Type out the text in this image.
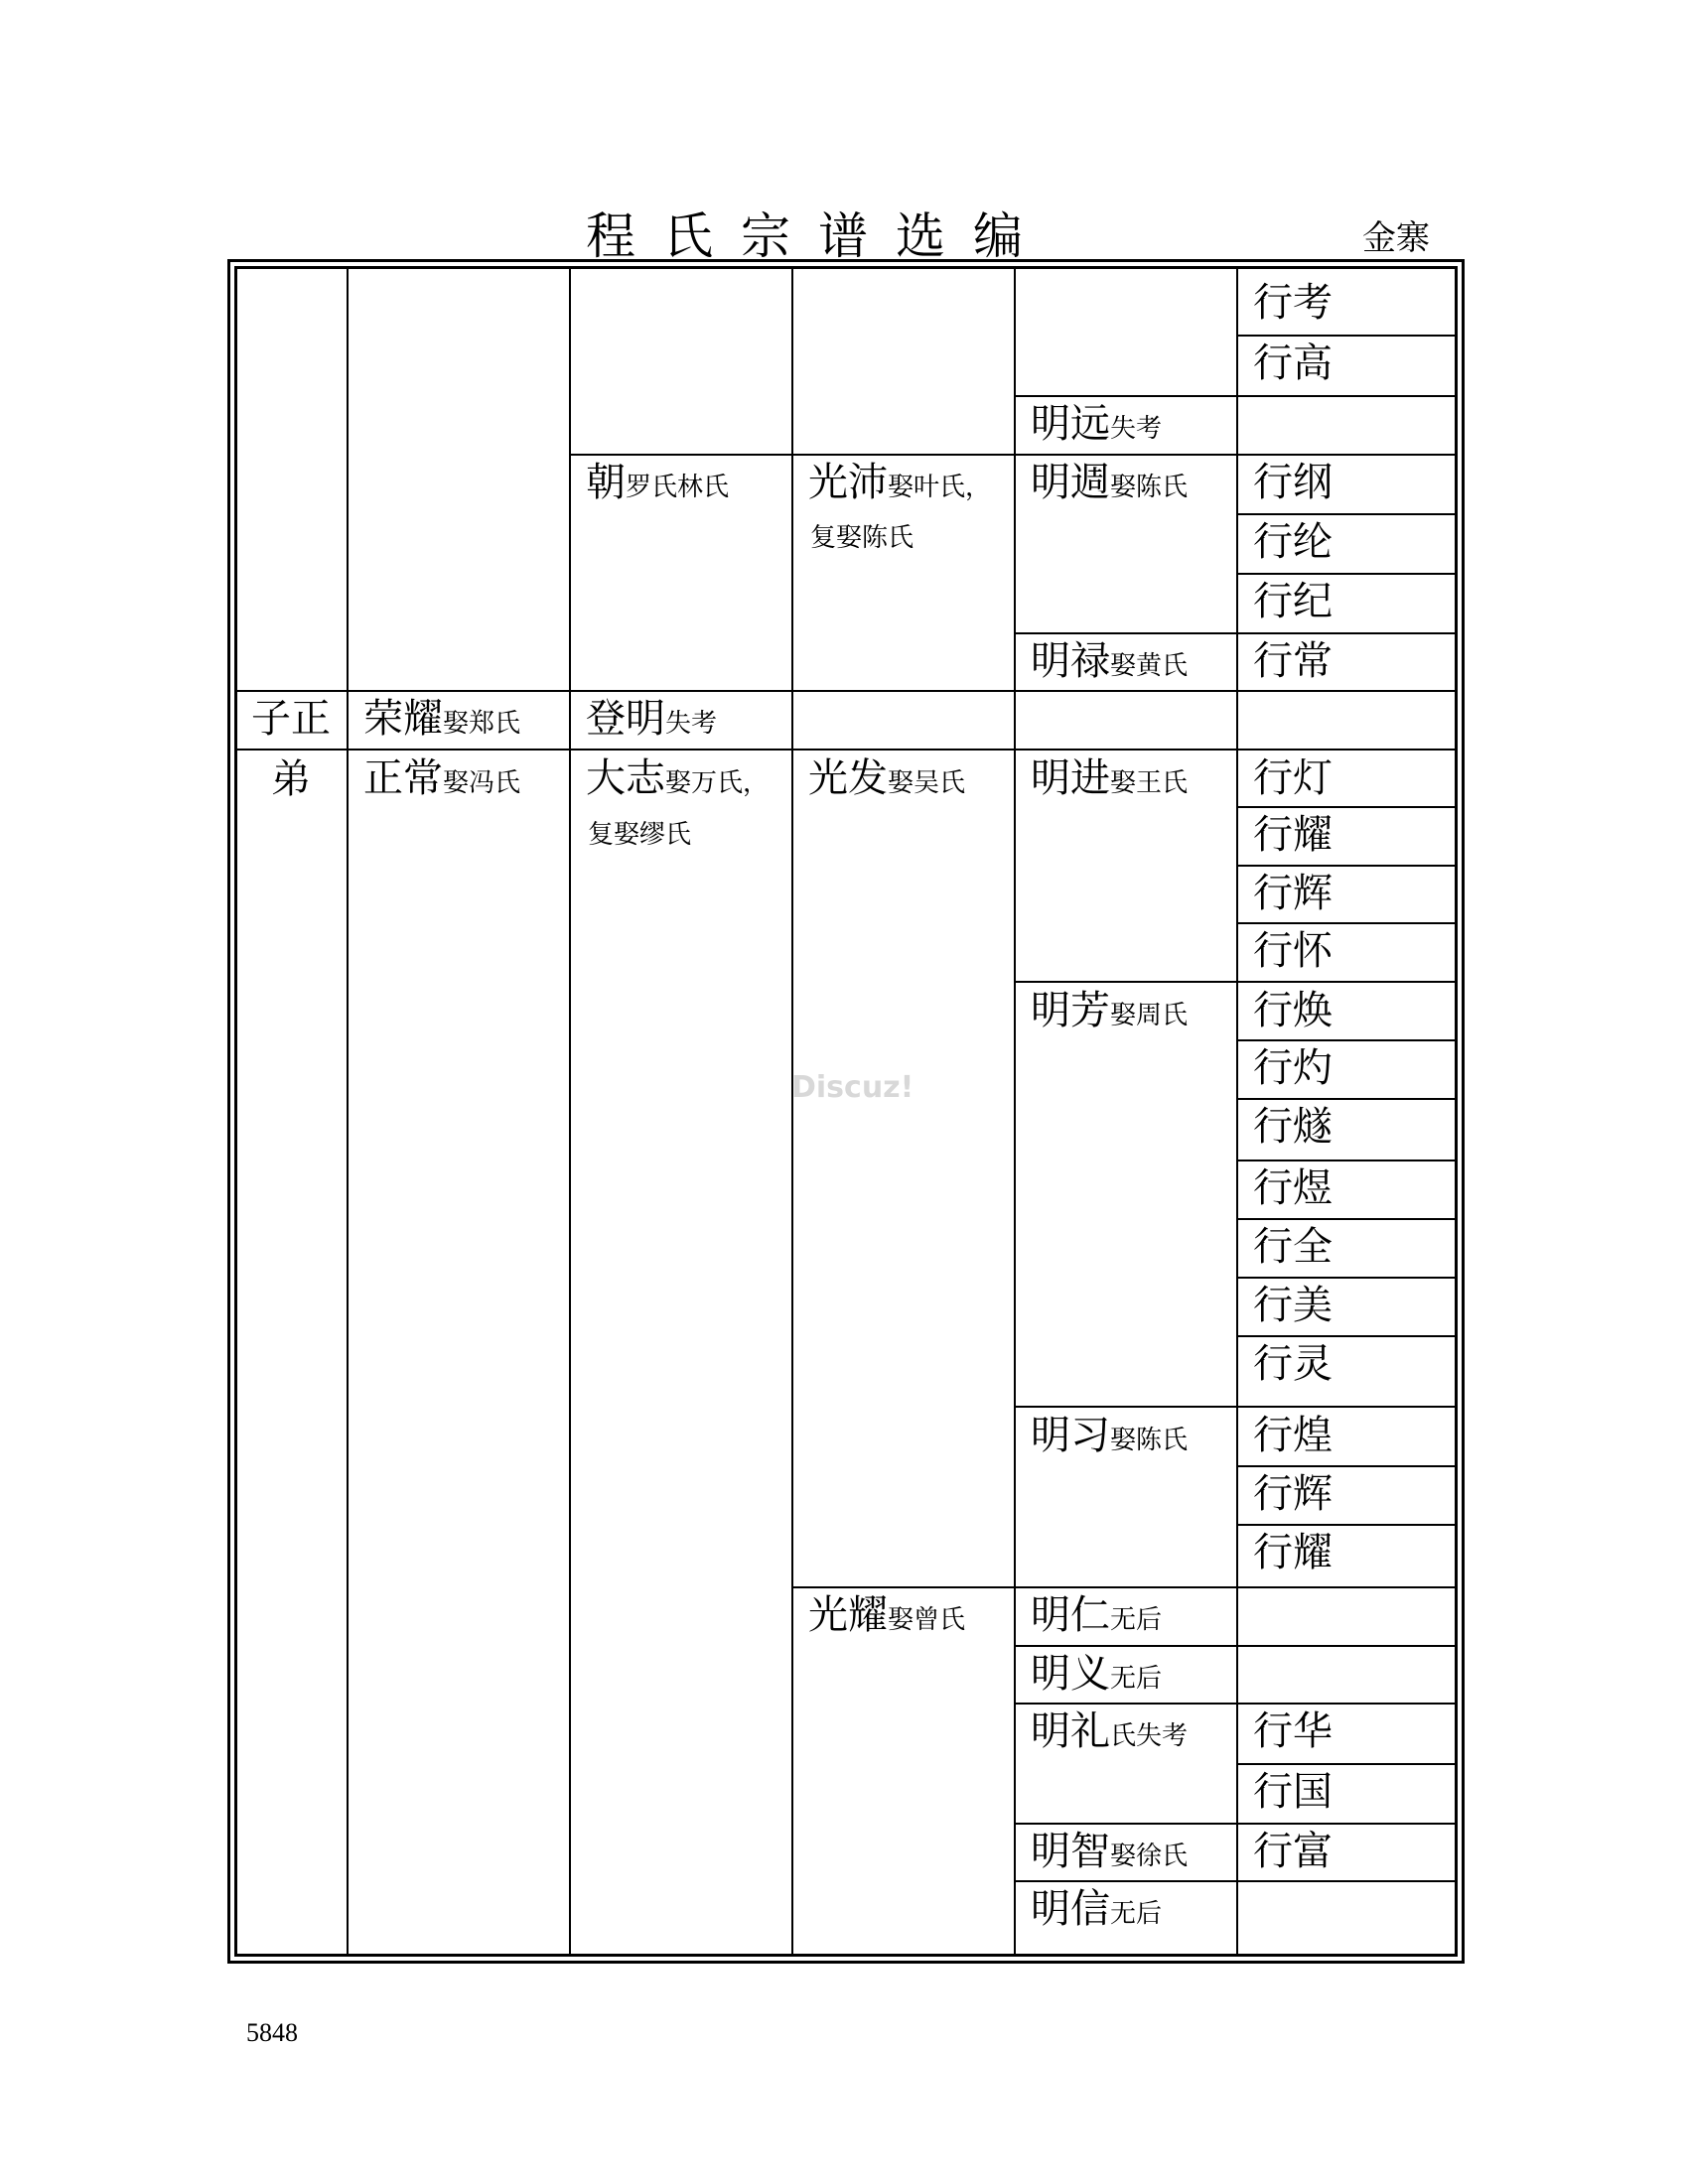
程氏宗谱选编	金寨
子正
弟
荣耀娶郑氏
正常娶冯氏
朝罗氏林氏
登明失考
大志娶万氏，
复娶缪氏
光沛娶叶氏，
复娶陈氏
光发娶吴氏
光耀娶曾氏
明远失考
明週娶陈氏
明禄娶黄氏
明进娶王氏
明芳娶周氏
明习娶陈氏
明仁无后
明义无后
明礼氏失考
明智娶徐氏
明信无后
行考
行高
行纲
行纶
行纪
行常
行灯
行耀
行辉
行怀
行焕
行灼
行燧
行煜
行全
行美
行灵
行煌
行辉
行耀
行华
行国
行富
Discuz!
5848
